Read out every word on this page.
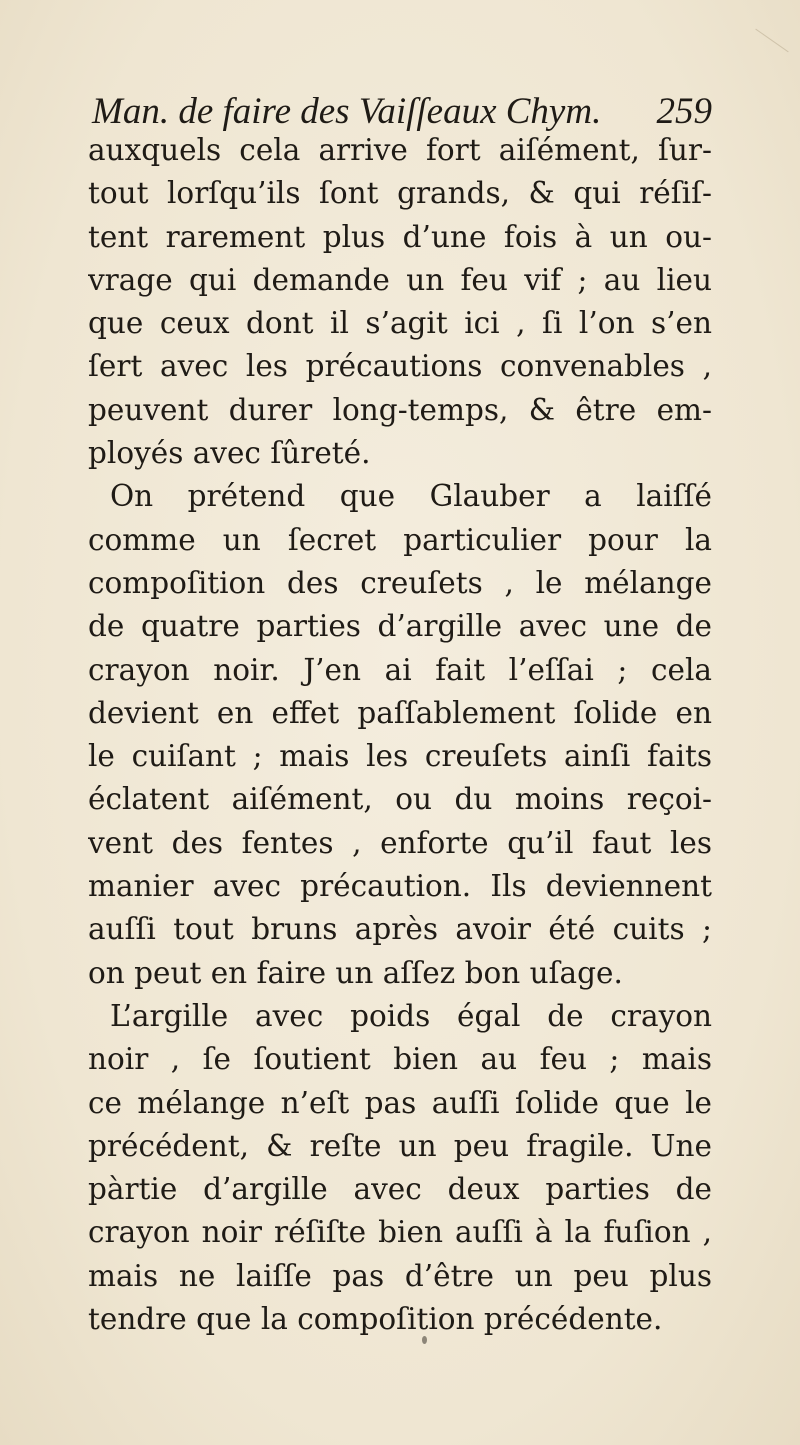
Man. de faire des Vaiſſeaux Chym. 259
auxquels cela arrive fort aiſément, ſur-
tout lorſqu’ils ſont grands, & qui réſiſ-
tent rarement plus d’une fois à un ou-
vrage qui demande un feu vif ; au lieu
que ceux dont il s’agit ici , ſi l’on s’en
ſert avec les précautions convenables ,
peuvent durer long-temps, & être em-
ployés avec ſûreté.
On prétend que Glauber a laiſſé
comme un ſecret particulier pour la
compoſition des creuſets , le mélange
de quatre parties d’argille avec une de
crayon noir. J’en ai fait l’eſſai ; cela
devient en effet paſſablement ſolide en
le cuiſant ; mais les creuſets ainſi faits
éclatent aiſément, ou du moins reçoi-
vent des fentes , enforte qu’il faut les
manier avec précaution. Ils deviennent
auſſi tout bruns après avoir été cuits ;
on peut en faire un aſſez bon uſage.
L’argille avec poids égal de crayon
noir , ſe ſoutient bien au feu ; mais
ce mélange n’eſt pas auſſi ſolide que le
précédent, & reſte un peu fragile. Une
pàrtie d’argille avec deux parties de
crayon noir réſiſte bien auſſi à la fuſion ,
mais ne laiſſe pas d’être un peu plus
tendre que la compoſition précédente.
